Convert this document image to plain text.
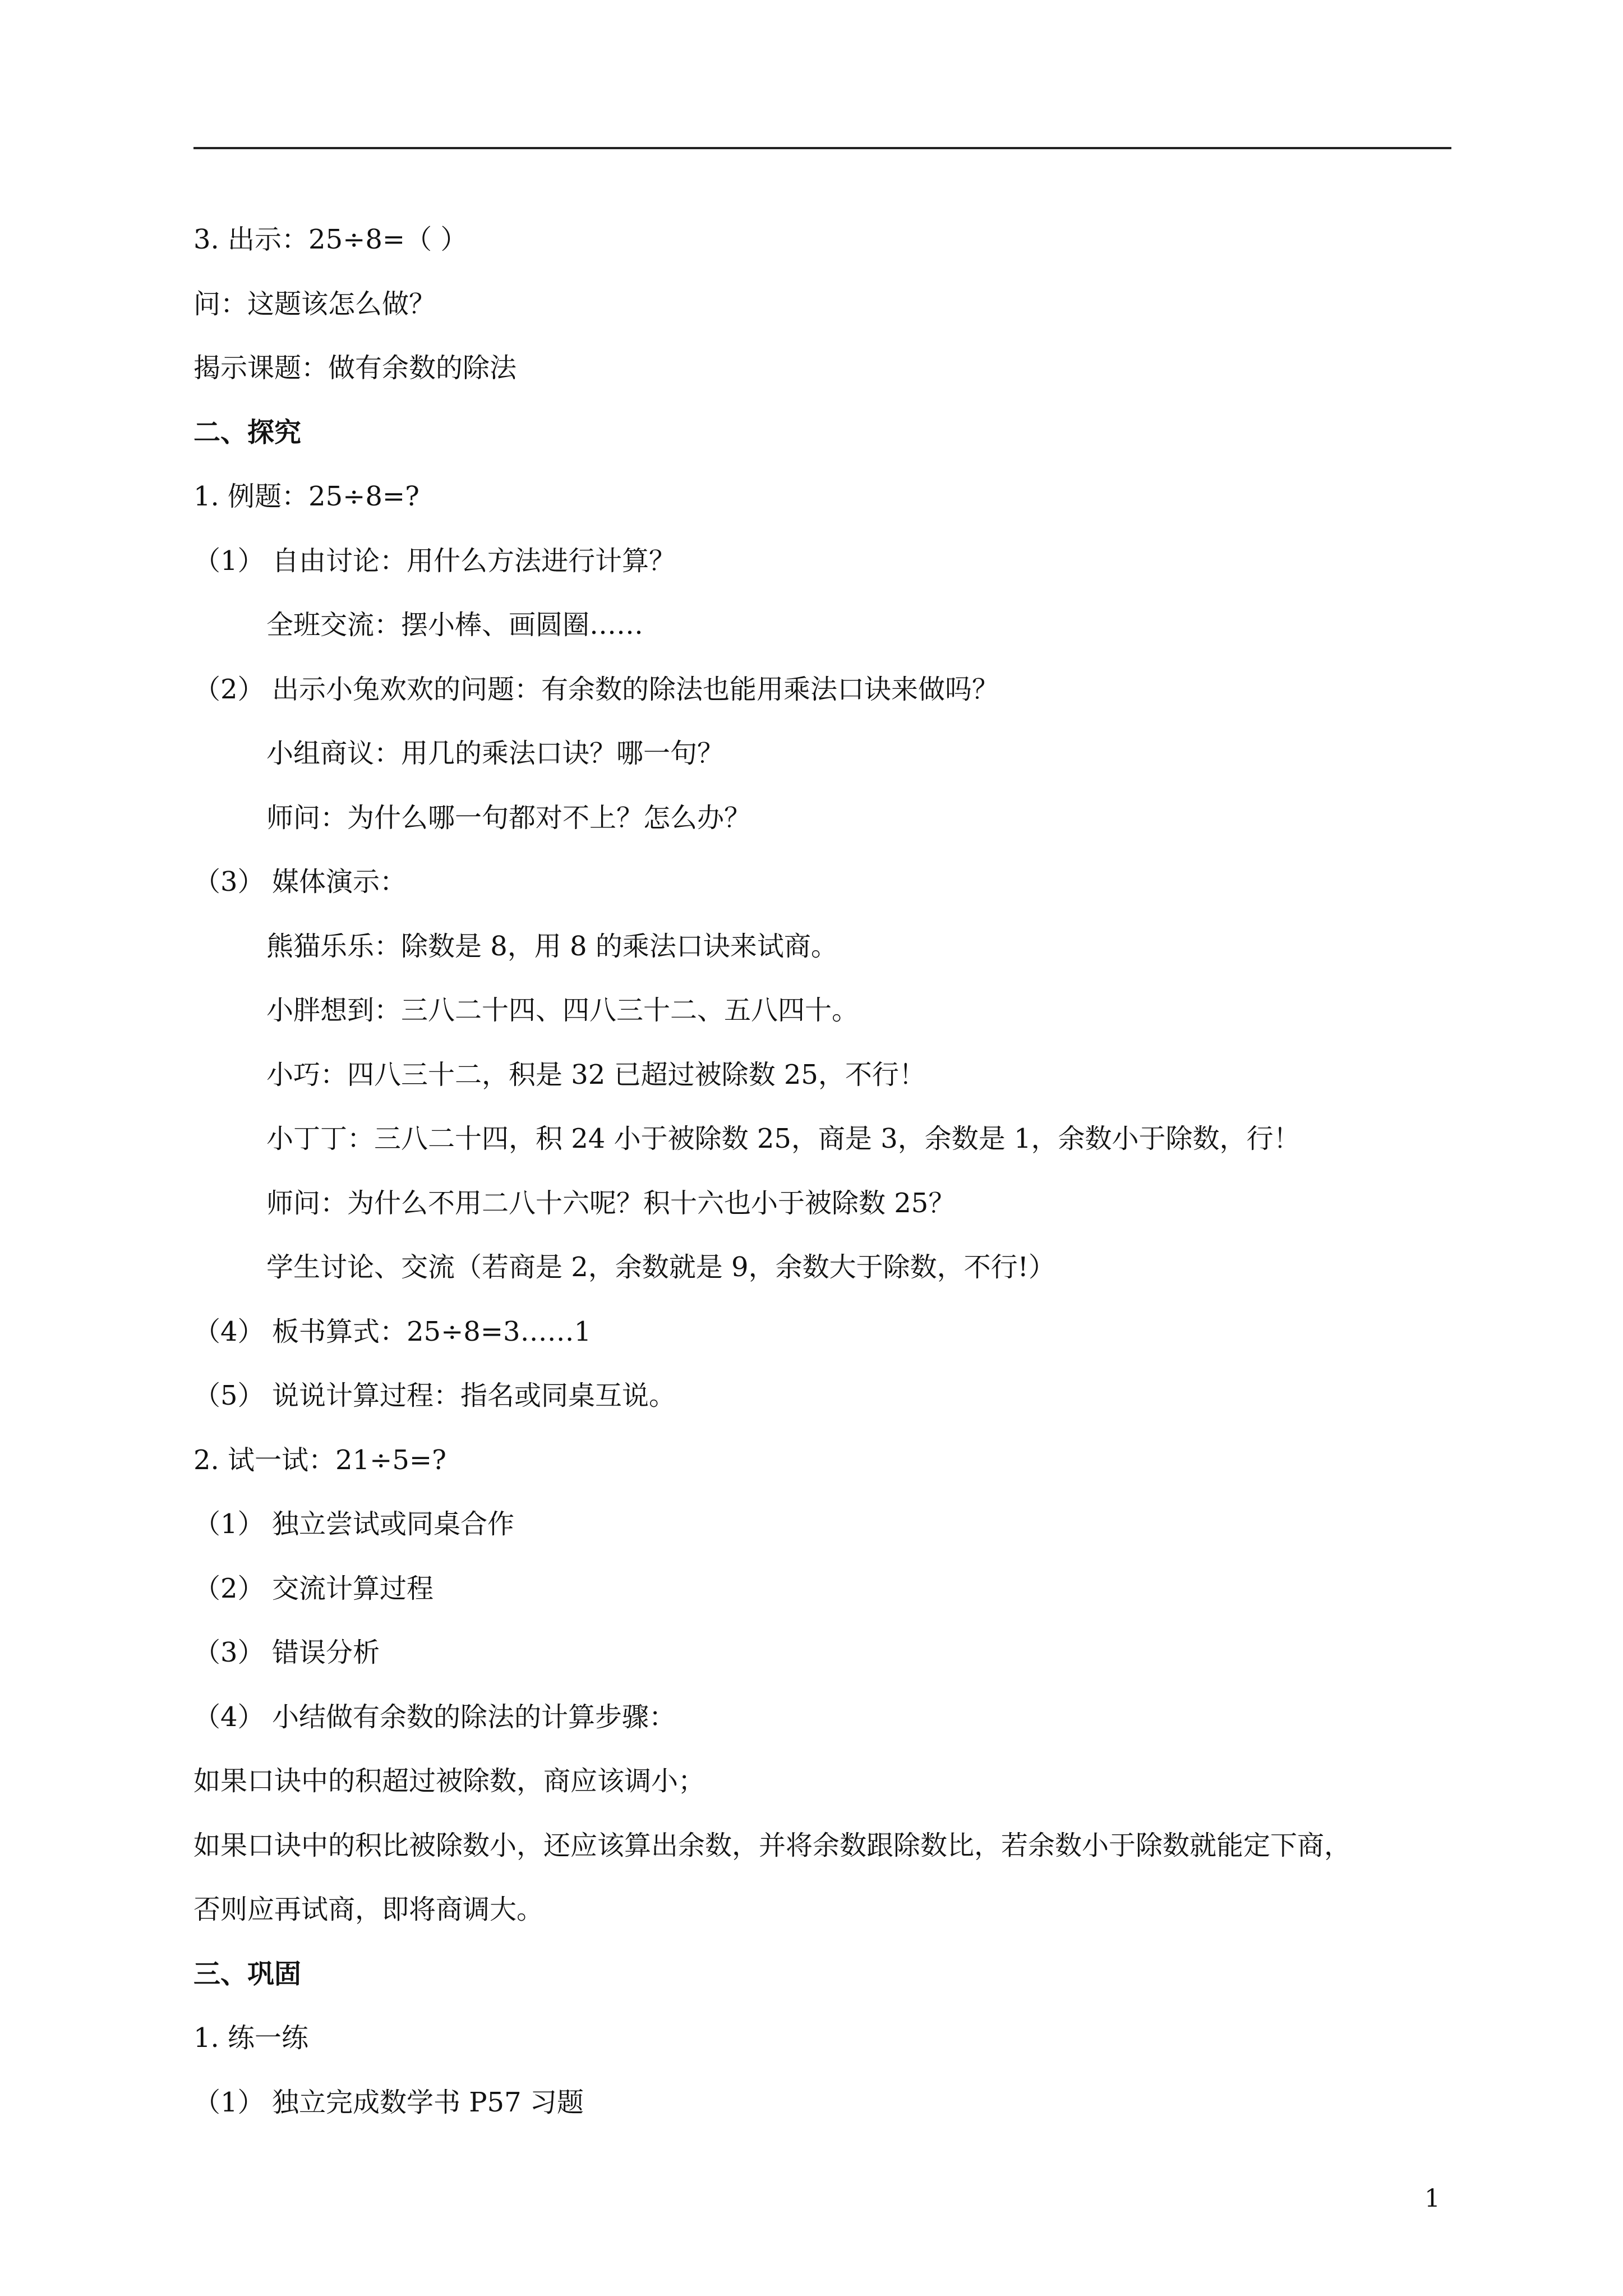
3. 出示：25÷8=（ ）
问：这题该怎么做？
揭示课题：做有余数的除法
二、探究
1. 例题：25÷8=?
（1） 自由讨论：用什么方法进行计算？
全班交流：摆小棒、画圆圈……
（2） 出示小兔欢欢的问题：有余数的除法也能用乘法口诀来做吗？
小组商议：用几的乘法口诀？哪一句？
师问：为什么哪一句都对不上？怎么办？
（3） 媒体演示：
熊猫乐乐：除数是 8，用 8 的乘法口诀来试商。
小胖想到：三八二十四、四八三十二、五八四十。
小巧：四八三十二，积是 32 已超过被除数 25，不行！
小丁丁：三八二十四，积 24 小于被除数 25，商是 3，余数是 1，余数小于除数，行！
师问：为什么不用二八十六呢？积十六也小于被除数 25？
学生讨论、交流（若商是 2，余数就是 9，余数大于除数，不行!）
（4） 板书算式：25÷8=3……1
（5） 说说计算过程：指名或同桌互说。
2. 试一试：21÷5=?
（1） 独立尝试或同桌合作
（2） 交流计算过程
（3） 错误分析
（4） 小结做有余数的除法的计算步骤：
如果口诀中的积超过被除数，商应该调小；
如果口诀中的积比被除数小，还应该算出余数，并将余数跟除数比，若余数小于除数就能定下商，
否则应再试商，即将商调大。
三、巩固
1. 练一练
（1） 独立完成数学书 P57 习题
1
